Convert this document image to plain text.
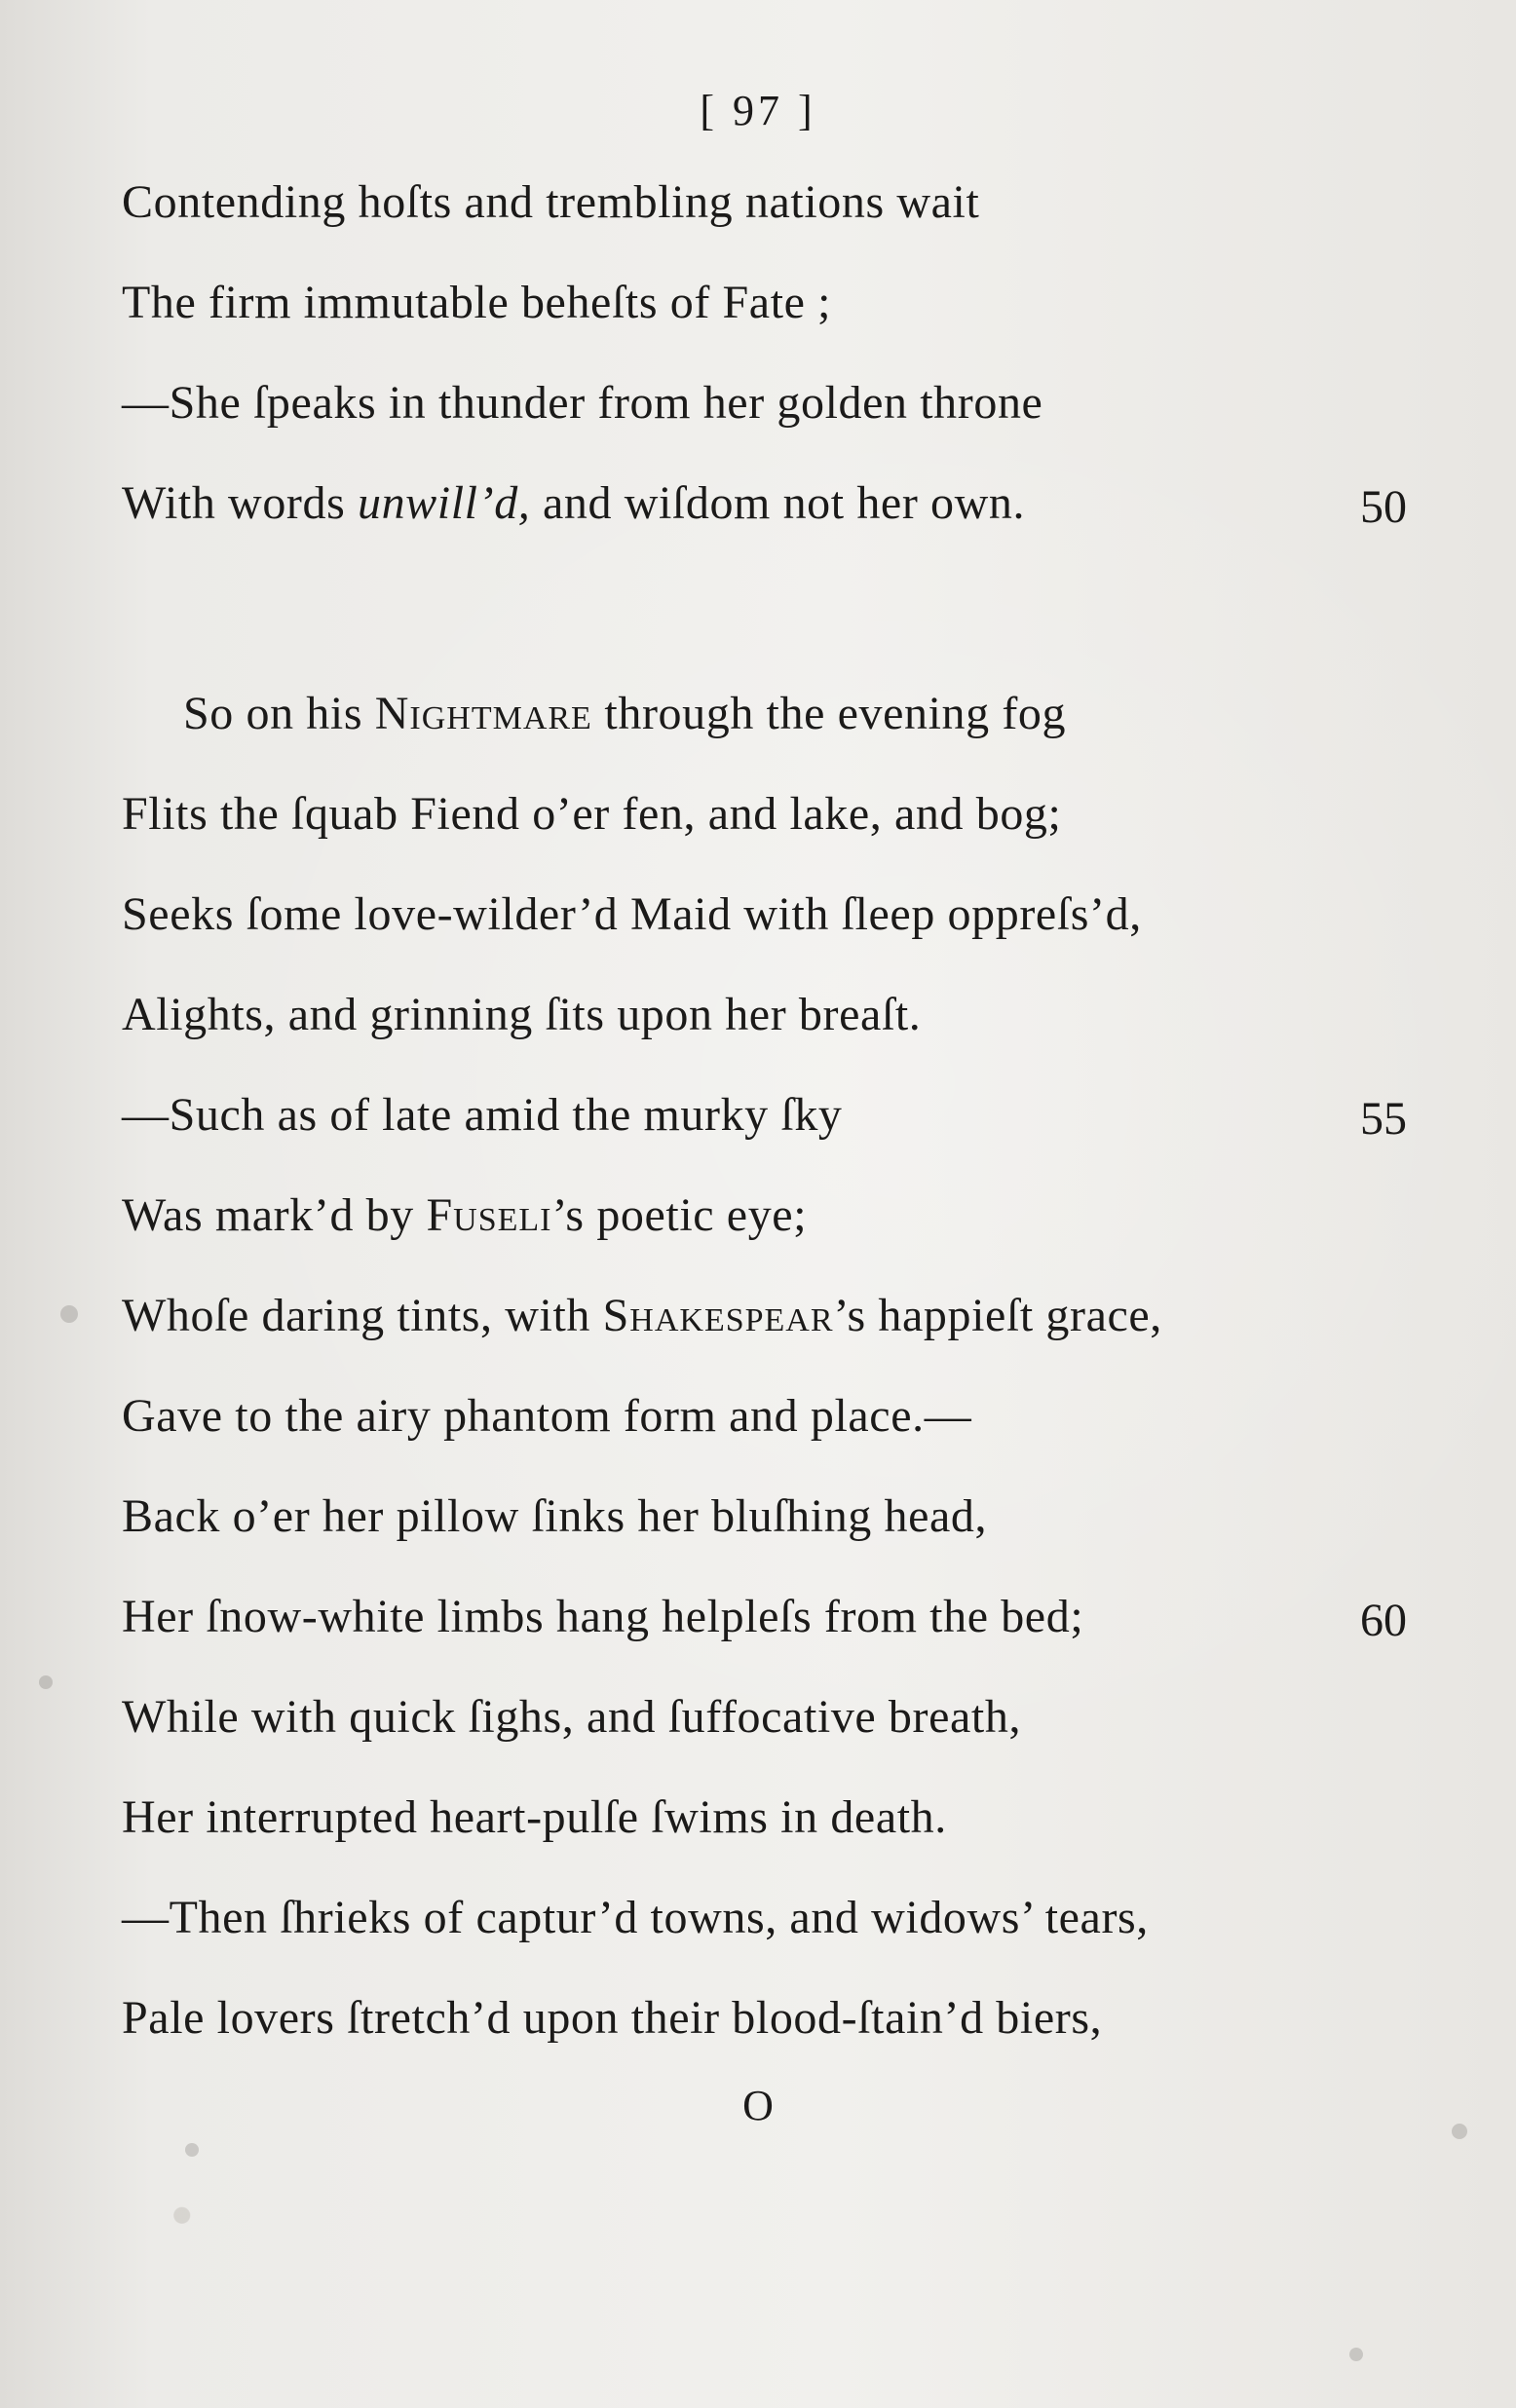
[ 97 ]
Contending hoſts and trembling nations wait
The firm immutable beheſts of Fate ;
—She ſpeaks in thunder from her golden throne
With words unwill’d, and wiſdom not her own.	50
So on his Nightmare through the evening fog
Flits the ſquab Fiend o’er fen, and lake, and bog;
Seeks ſome love-wilder’d Maid with ſleep oppreſs’d,
Alights, and grinning ſits upon her breaſt.
—Such as of late amid the murky ſky	55
Was mark’d by Fuseli’s poetic eye;
Whoſe daring tints, with Shakespear’s happieſt grace,
Gave to the airy phantom form and place.—
Back o’er her pillow ſinks her bluſhing head,
Her ſnow-white limbs hang helpleſs from the bed;	60
While with quick ſighs, and ſuffocative breath,
Her interrupted heart-pulſe ſwims in death.
—Then ſhrieks of captur’d towns, and widows’ tears,
Pale lovers ſtretch’d upon their blood-ſtain’d biers,
O
